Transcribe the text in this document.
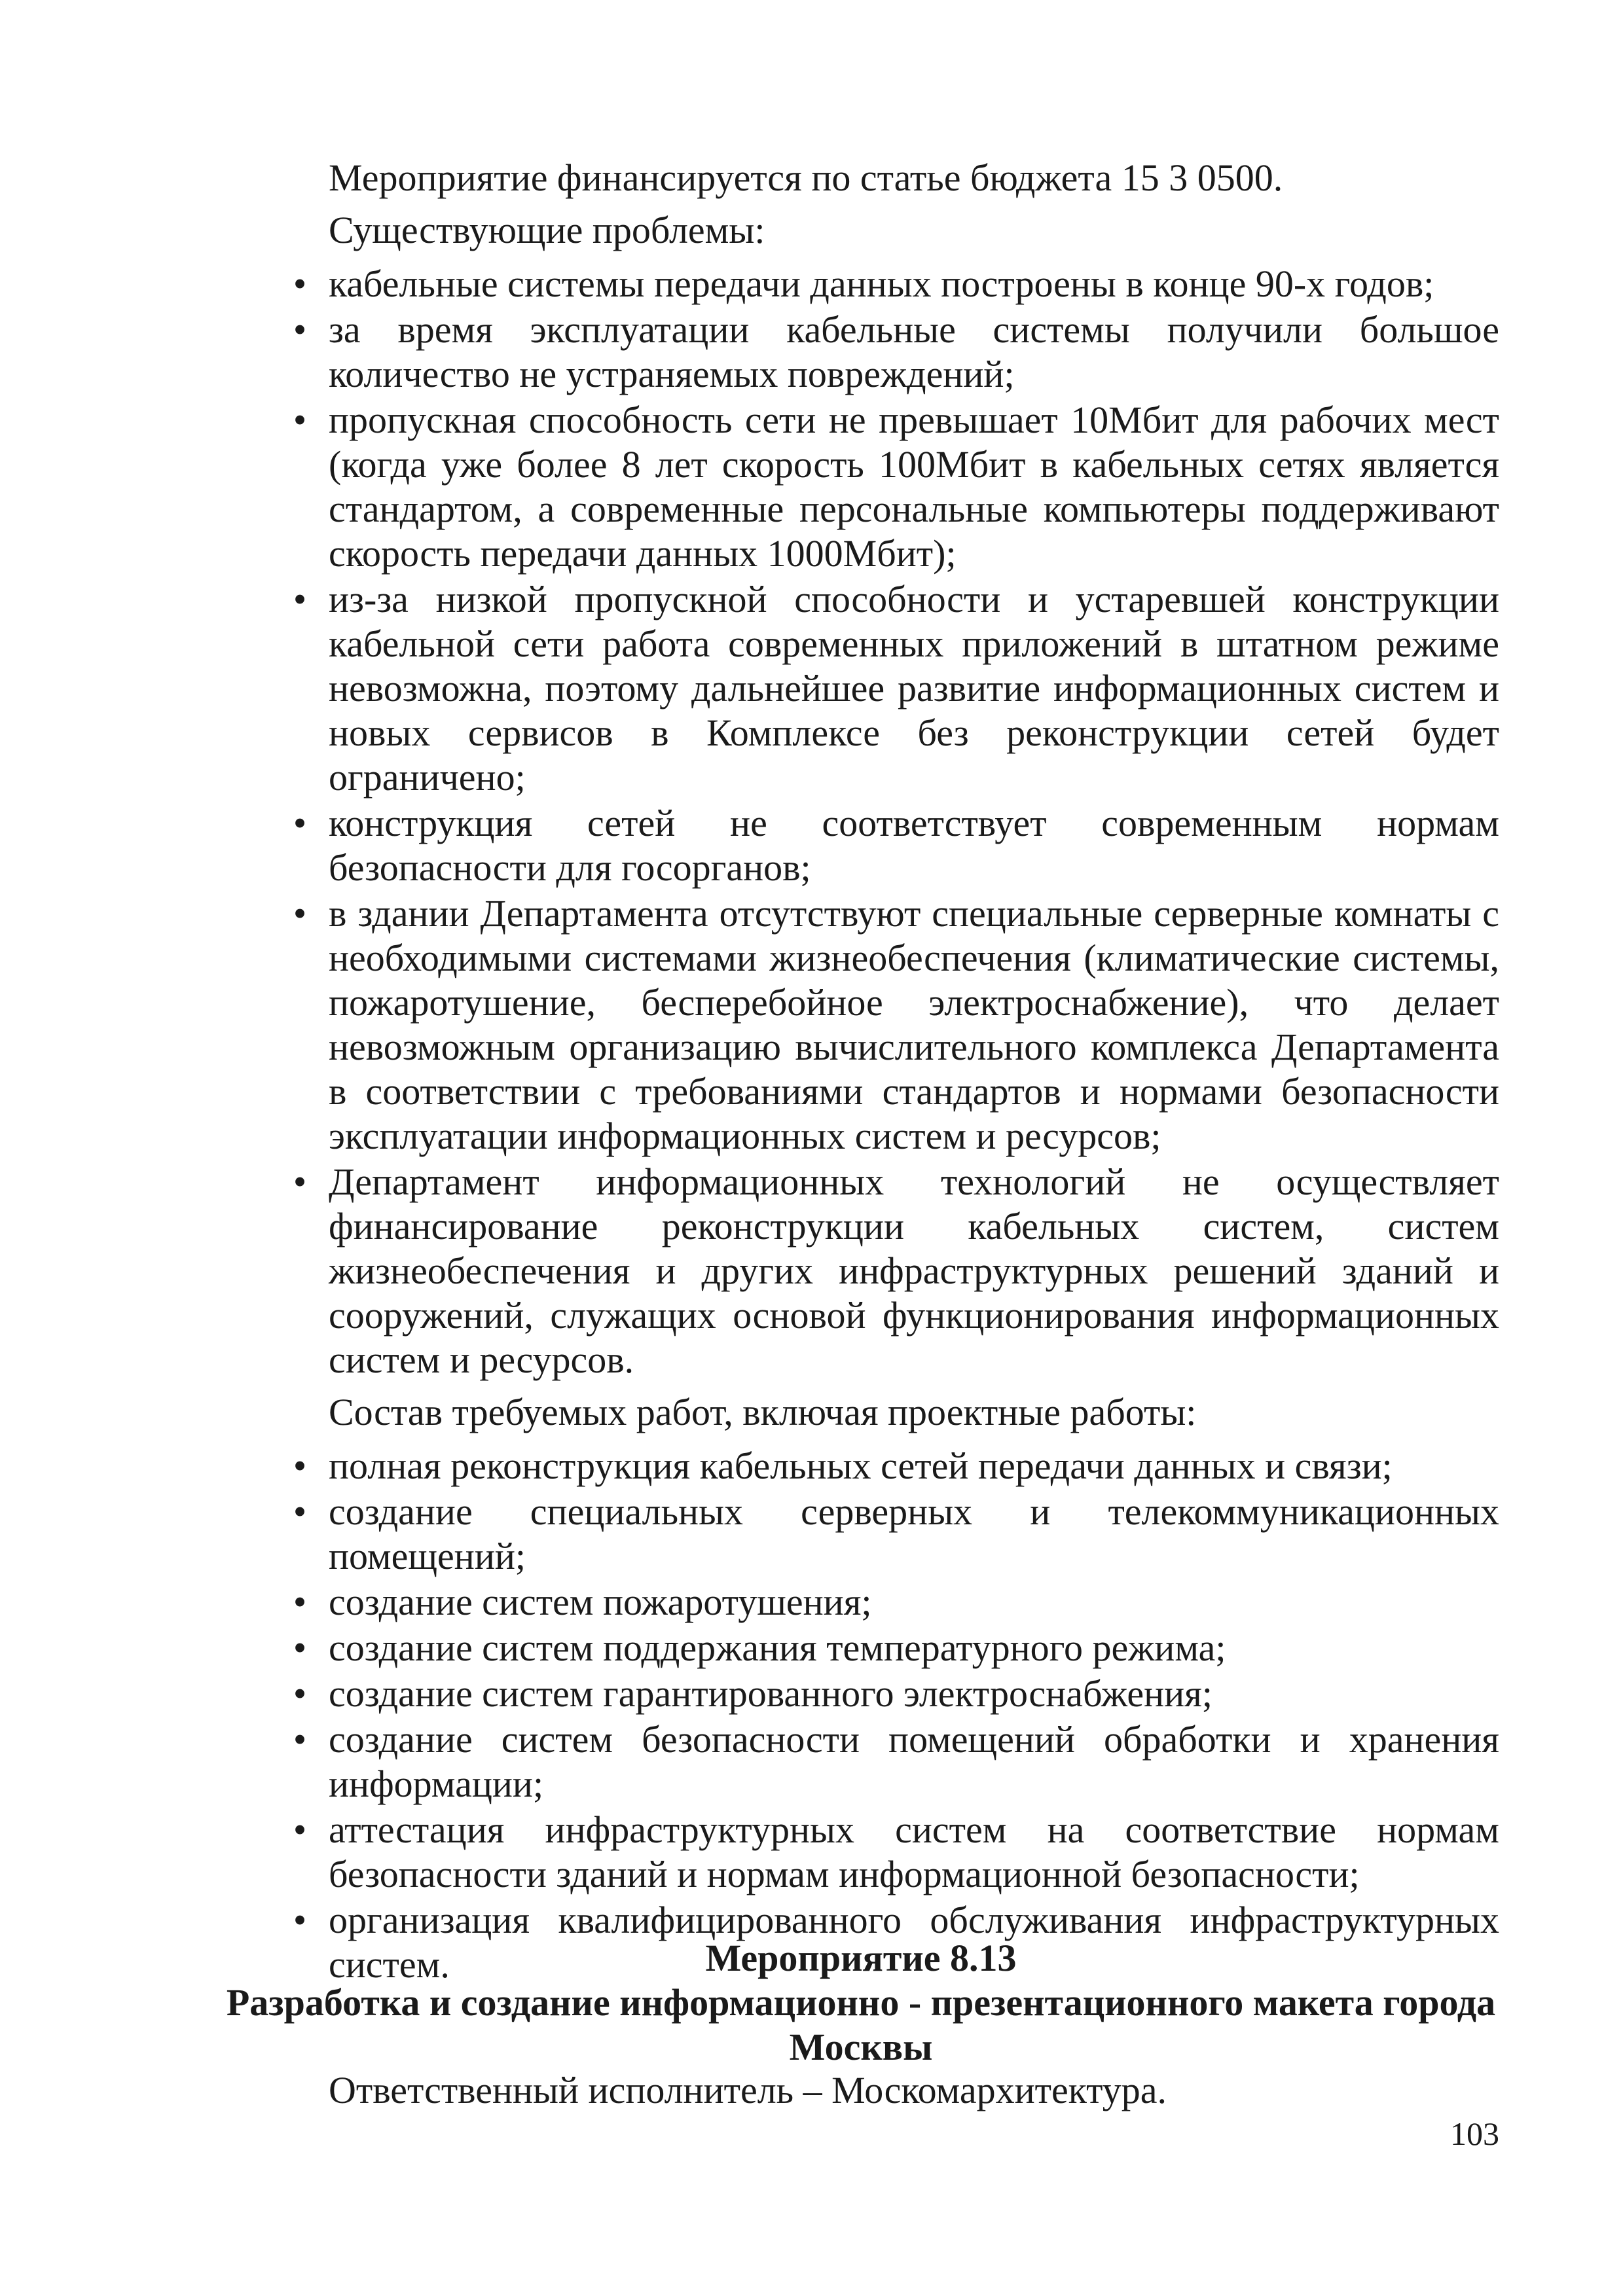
Мероприятие финансируется по статье бюджета 15 3 0500.

Существующие проблемы:

• кабельные системы передачи данных построены в конце 90-х годов;
• за время эксплуатации кабельные системы получили большое количество не устраняемых повреждений;
• пропускная способность сети не превышает 10Мбит для рабочих мест (когда уже более 8 лет скорость 100Мбит в кабельных сетях является стандартом, а современные персональные компьютеры поддерживают скорость передачи данных 1000Мбит);
• из-за низкой пропускной способности и устаревшей конструкции кабельной сети работа современных приложений в штатном режиме невозможна, поэтому дальнейшее развитие информационных систем и новых сервисов в Комплексе без реконструкции сетей будет ограничено;
• конструкция сетей не соответствует современным нормам безопасности для госорганов;
• в здании Департамента отсутствуют специальные серверные комнаты с необходимыми системами жизнеобеспечения (климатические системы, пожаротушение, бесперебойное электроснабжение), что делает невозможным организацию вычислительного комплекса Департамента в соответствии с требованиями стандартов и нормами безопасности эксплуатации информационных систем и ресурсов;
• Департамент информационных технологий не осуществляет финансирование реконструкции кабельных систем, систем жизнеобеспечения и других инфраструктурных решений зданий и сооружений, служащих основой функционирования информационных систем и ресурсов.

Состав требуемых работ, включая проектные работы:

• полная реконструкция кабельных сетей передачи данных и связи;
• создание специальных серверных и телекоммуникационных помещений;
• создание систем пожаротушения;
• создание систем поддержания температурного режима;
• создание систем гарантированного электроснабжения;
• создание систем безопасности помещений обработки и хранения информации;
• аттестация инфраструктурных систем на соответствие нормам безопасности зданий и нормам информационной безопасности;
• организация квалифицированного обслуживания инфраструктурных систем.	Мероприятие 8.13

Разработка и создание информационно - презентационного макета города Москвы

Ответственный исполнитель – Москомархитектура.

103
